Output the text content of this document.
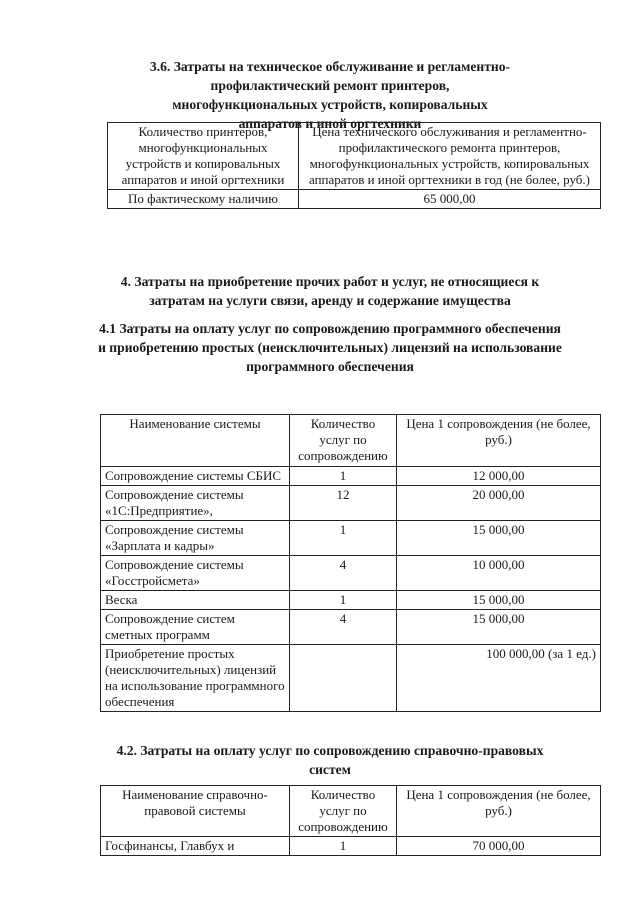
3.6. Затраты на техническое обслуживание и регламентно-профилактический ремонт принтеров, многофункциональных устройств, копировальных аппаратов и иной оргтехники

Количество принтеров, многофункциональных устройств и копировальных аппаратов и иной оргтехники	Цена технического обслуживания и регламентно-профилактического ремонта принтеров, многофункциональных устройств, копировальных аппаратов и иной оргтехники в год (не более, руб.)
По фактическому наличию	65 000,00

4. Затраты на приобретение прочих работ и услуг, не относящиеся к затратам на услуги связи, аренду и содержание имущества

4.1 Затраты на оплату услуг по сопровождению программного обеспечения и приобретению простых (неисключительных) лицензий на использование программного обеспечения

Наименование системы	Количество услуг по сопровождению	Цена 1 сопровождения (не более, руб.)
Сопровождение системы СБИС	1	12 000,00
Сопровождение системы «1С:Предприятие»,	12	20 000,00
Сопровождение системы «Зарплата и кадры»	1	15 000,00
Сопровождение системы «Госстройсмета»	4	10 000,00
Веска	1	15 000,00
Сопровождение систем сметных программ	4	15 000,00
Приобретение простых (неисключительных) лицензий на использование программного обеспечения		100 000,00 (за 1 ед.)

4.2. Затраты на оплату услуг по сопровождению справочно-правовых систем

Наименование справочно-правовой системы	Количество услуг по сопровождению	Цена 1 сопровождения (не более, руб.)
Госфинансы, Главбух и	1	70 000,00
